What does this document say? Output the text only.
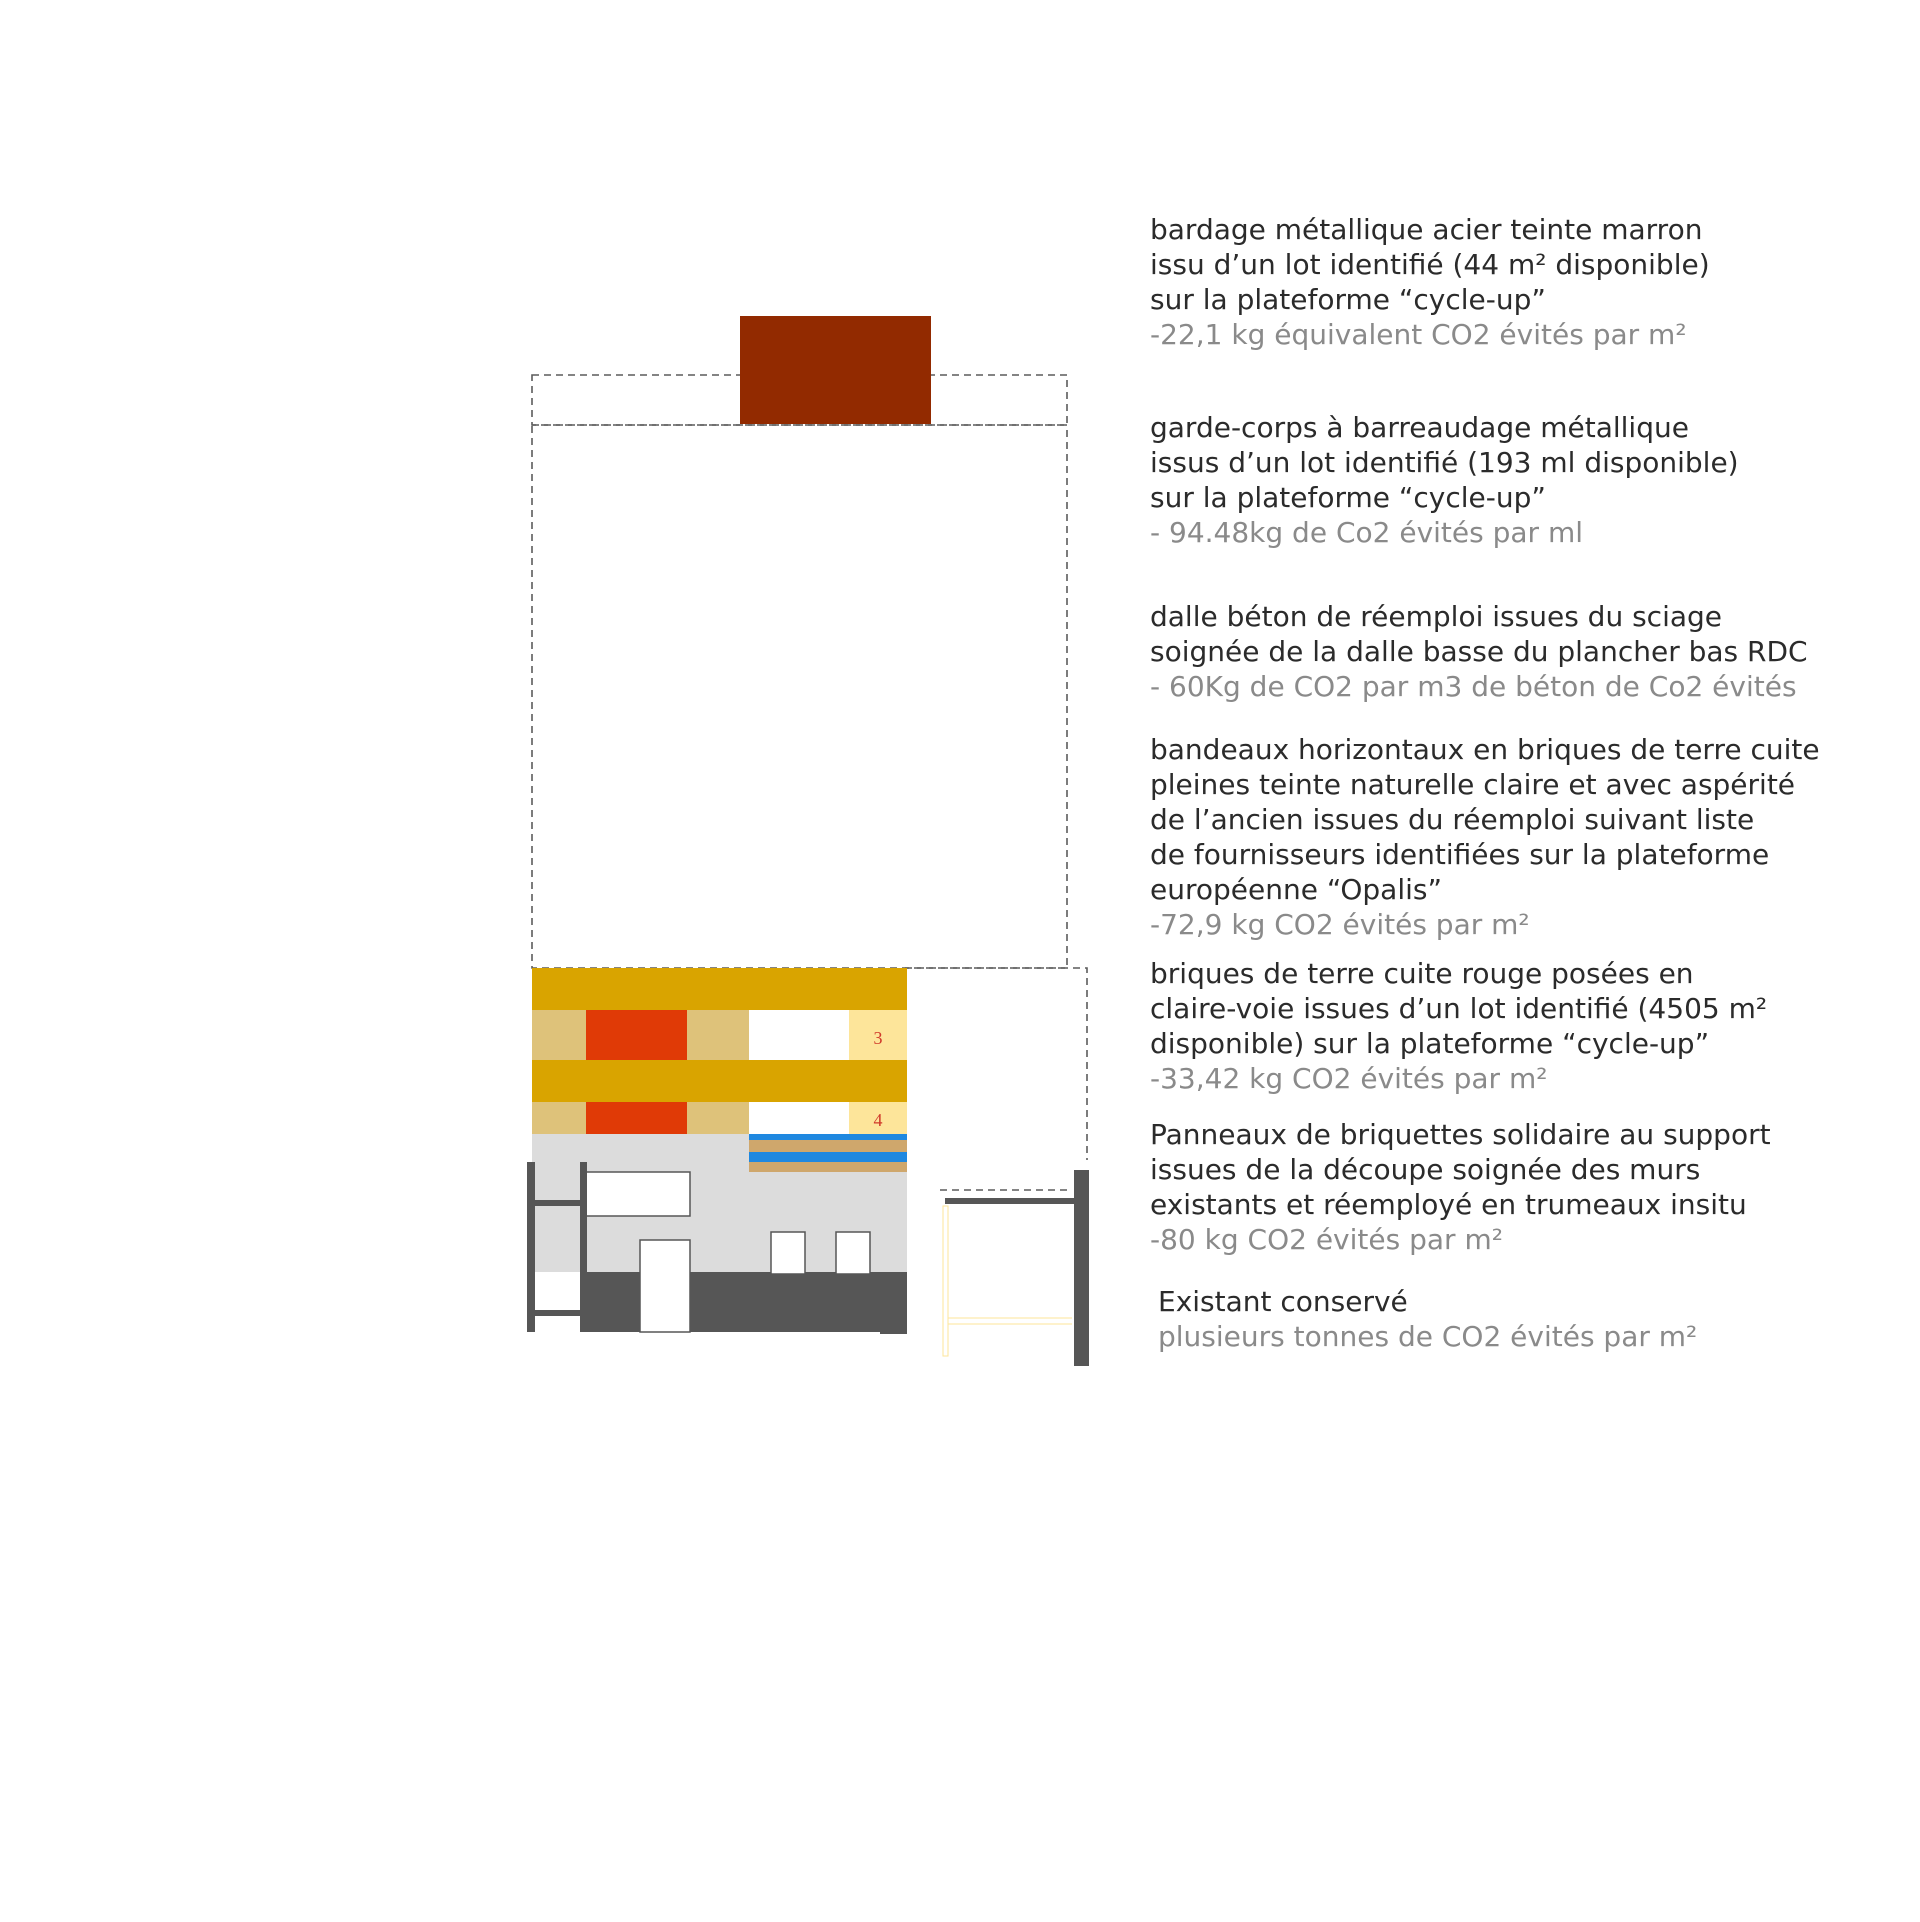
3
4
bardage métallique acier teinte marron
issu d’un lot identifié (44 m² disponible)
sur la plateforme “cycle-up”
-22,1 kg équivalent CO2 évités par m²
garde-corps à barreaudage métallique
issus d’un lot identifié (193 ml disponible)
sur la plateforme “cycle-up”
- 94.48kg de Co2 évités par ml
dalle béton de réemploi issues du sciage
soignée de la dalle basse du plancher bas RDC
- 60Kg de CO2 par m3 de béton de Co2 évités
bandeaux horizontaux en briques de terre cuite
pleines teinte naturelle claire et avec aspérité
de l’ancien issues du réemploi suivant liste
de fournisseurs identifiées sur la plateforme
européenne “Opalis”
-72,9 kg CO2 évités par m²
briques de terre cuite rouge posées en
claire-voie issues d’un lot identifié (4505 m²
disponible) sur la plateforme “cycle-up”
-33,42 kg CO2 évités par m²
Panneaux de briquettes solidaire au support
issues de la découpe soignée des murs
existants et réemployé en trumeaux insitu
-80 kg CO2 évités par m²
Existant conservé
plusieurs tonnes de CO2 évités par m²
